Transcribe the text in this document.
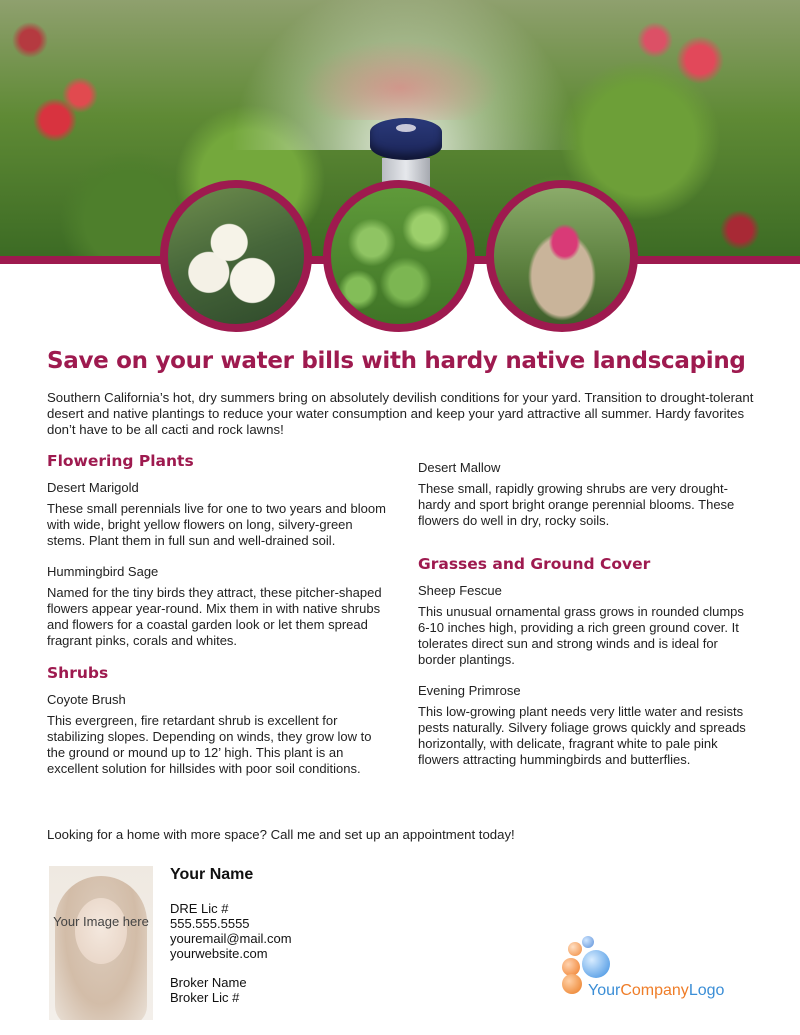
Save on your water bills with hardy native landscaping

Southern California’s hot, dry summers bring on absolutely devilish conditions for your yard. Transition to drought-tolerant desert and native plantings to reduce your water consumption and keep your yard attractive all summer. Hardy favorites don’t have to be all cacti and rock lawns!

Flowering Plants
Desert Marigold

These small perennials live for one to two years and bloom with wide, bright yellow flowers on long, silvery-green stems. Plant them in full sun and well-drained soil.

Hummingbird Sage

Named for the tiny birds they attract, these pitcher-shaped flowers appear year-round. Mix them in with native shrubs and flowers for a coastal garden look or let them spread fragrant pinks, corals and whites.

Shrubs
Coyote Brush

This evergreen, fire retardant shrub is excellent for stabilizing slopes. Depending on winds, they grow low to the ground or mound up to 12’ high. This plant is an excellent solution for hillsides with poor soil conditions.

Desert Mallow

These small, rapidly growing shrubs are very drought-hardy and sport bright orange perennial blooms. These flowers do well in dry, rocky soils.

Grasses and Ground Cover
Sheep Fescue

This unusual ornamental grass grows in rounded clumps 6-10 inches high, providing a rich green ground cover. It tolerates direct sun and strong winds and is ideal for border plantings.

Evening Primrose

This low-growing plant needs very little water and resists pests naturally. Silvery foliage grows quickly and spreads horizontally, with delicate, fragrant white to pale pink flowers attracting hummingbirds and butterflies.

Looking for a home with more space? Call me and set up an appointment today!

Your Image here
Your Name
DRE Lic #
555.555.5555
youremail@mail.com
yourwebsite.com
Broker Name
Broker Lic #	YourCompanyLogo
